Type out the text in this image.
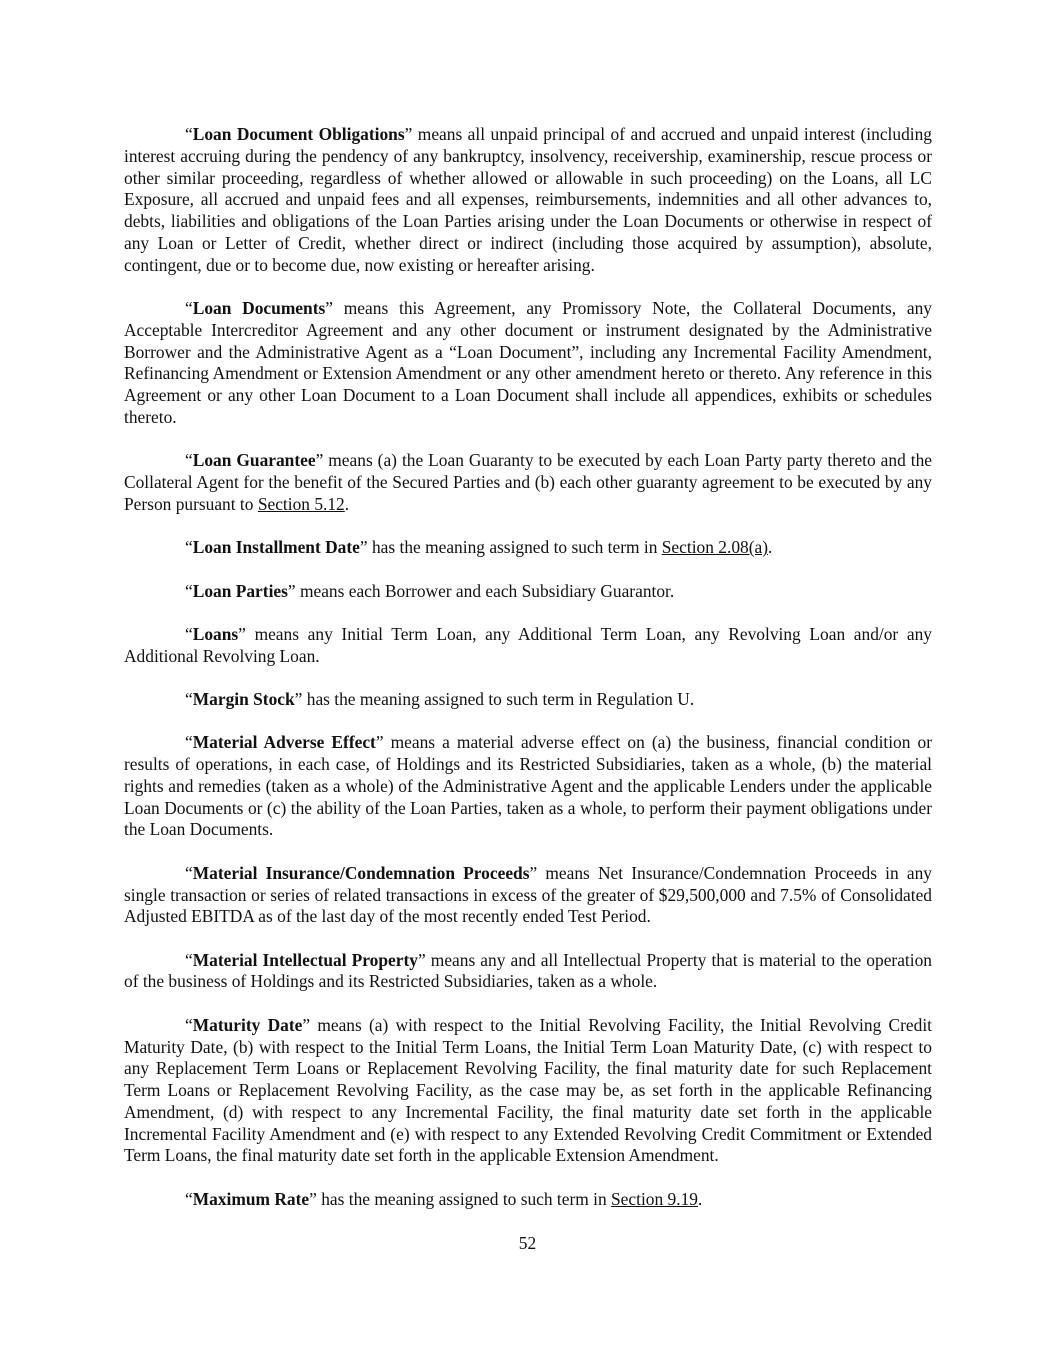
“Loan Document Obligations” means all unpaid principal of and accrued and unpaid interest (including interest accruing during the pendency of any bankruptcy, insolvency, receivership, examinership, rescue process or other similar proceeding, regardless of whether allowed or allowable in such proceeding) on the Loans, all LC Exposure, all accrued and unpaid fees and all expenses, reimbursements, indemnities and all other advances to, debts, liabilities and obligations of the Loan Parties arising under the Loan Documents or otherwise in respect of any Loan or Letter of Credit, whether direct or indirect (including those acquired by assumption), absolute, contingent, due or to become due, now existing or hereafter arising.

“Loan Documents” means this Agreement, any Promissory Note, the Collateral Documents, any Acceptable Intercreditor Agreement and any other document or instrument designated by the Administrative Borrower and the Administrative Agent as a “Loan Document”, including any Incremental Facility Amendment, Refinancing Amendment or Extension Amendment or any other amendment hereto or thereto. Any reference in this Agreement or any other Loan Document to a Loan Document shall include all appendices, exhibits or schedules thereto.

“Loan Guarantee” means (a) the Loan Guaranty to be executed by each Loan Party party thereto and the Collateral Agent for the benefit of the Secured Parties and (b) each other guaranty agreement to be executed by any Person pursuant to Section 5.12.

“Loan Installment Date” has the meaning assigned to such term in Section 2.08(a).

“Loan Parties” means each Borrower and each Subsidiary Guarantor.

“Loans” means any Initial Term Loan, any Additional Term Loan, any Revolving Loan and/or any Additional Revolving Loan.

“Margin Stock” has the meaning assigned to such term in Regulation U.

“Material Adverse Effect” means a material adverse effect on (a) the business, financial condition or results of operations, in each case, of Holdings and its Restricted Subsidiaries, taken as a whole, (b) the material rights and remedies (taken as a whole) of the Administrative Agent and the applicable Lenders under the applicable Loan Documents or (c) the ability of the Loan Parties, taken as a whole, to perform their payment obligations under the Loan Documents.

“Material Insurance/Condemnation Proceeds” means Net Insurance/Condemnation Proceeds in any single transaction or series of related transactions in excess of the greater of $29,500,000 and 7.5% of Consolidated Adjusted EBITDA as of the last day of the most recently ended Test Period.

“Material Intellectual Property” means any and all Intellectual Property that is material to the operation of the business of Holdings and its Restricted Subsidiaries, taken as a whole.

“Maturity Date” means (a) with respect to the Initial Revolving Facility, the Initial Revolving Credit Maturity Date, (b) with respect to the Initial Term Loans, the Initial Term Loan Maturity Date, (c) with respect to any Replacement Term Loans or Replacement Revolving Facility, the final maturity date for such Replacement Term Loans or Replacement Revolving Facility, as the case may be, as set forth in the applicable Refinancing Amendment, (d) with respect to any Incremental Facility, the final maturity date set forth in the applicable Incremental Facility Amendment and (e) with respect to any Extended Revolving Credit Commitment or Extended Term Loans, the final maturity date set forth in the applicable Extension Amendment.

“Maximum Rate” has the meaning assigned to such term in Section 9.19.

52
